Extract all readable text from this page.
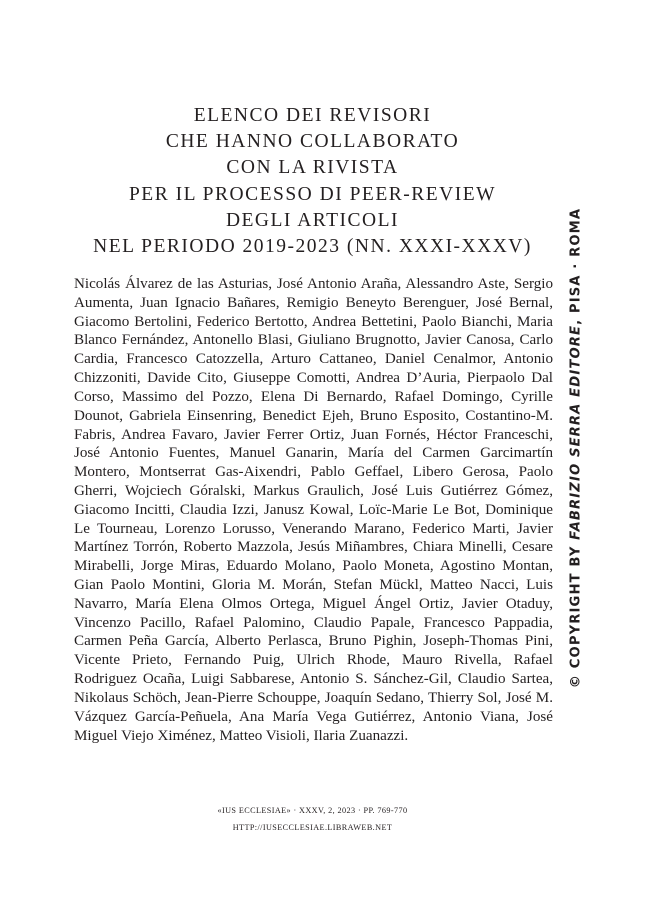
ELENCO DEI REVISORI
CHE HANNO COLLABORATO
CON LA RIVISTA
PER IL PROCESSO DI PEER-REVIEW
DEGLI ARTICOLI
NEL PERIODO 2019-2023 (NN. XXXI-XXXV)

Nicolás Álvarez de las Asturias, José Antonio Araña, Alessandro Aste, Sergio Aumenta, Juan Ignacio Bañares, Remigio Beneyto Berenguer, José Bernal, Giacomo Bertolini, Federico Bertotto, Andrea Bettetini, Paolo Bianchi, Maria Blanco Fernández, Antonello Blasi, Giuliano Brugnotto, Javier Canosa, Carlo Cardia, Francesco Catozzella, Arturo Cattaneo, Daniel Cenalmor, Antonio Chizzoniti, Davide Cito, Giuseppe Comotti, Andrea D’Auria, Pierpaolo Dal Corso, Massimo del Pozzo, Elena Di Bernardo, Rafael Domingo, Cyrille Dounot, Gabriela Einsenring, Benedict Ejeh, Bruno Esposito, Costantino-M. Fabris, Andrea Favaro, Javier Ferrer Ortiz, Juan Fornés, Héctor Franceschi, José Antonio Fuentes, Manuel Ganarin, María del Carmen Garcimartín Montero, Montserrat Gas-Aixendri, Pablo Geffael, Libero Gerosa, Paolo Gherri, Wojciech Góralski, Markus Graulich, José Luis Gutiérrez Gómez, Giacomo Incitti, Claudia Izzi, Janusz Kowal, Loïc-Marie Le Bot, Dominique Le Tourneau, Lorenzo Lorusso, Venerando Marano, Federico Marti, Javier Martínez Torrón, Roberto Mazzola, Jesús Miñambres, Chiara Minelli, Cesare Mirabelli, Jorge Miras, Eduardo Molano, Paolo Moneta, Agostino Montan, Gian Paolo Montini, Gloria M. Morán, Stefan Mückl, Matteo Nacci, Luis Navarro, María Elena Olmos Ortega, Miguel Ángel Ortiz, Javier Otaduy, Vincenzo Pacillo, Rafael Palomino, Claudio Papale, Francesco Pappadia, Carmen Peña García, Alberto Perlasca, Bruno Pighin, Joseph-Thomas Pini, Vicente Prieto, Fernando Puig, Ulrich Rhode, Mauro Rivella, Rafael Rodriguez Ocaña, Luigi Sabbarese, Antonio S. Sánchez-Gil, Claudio Sartea, Nikolaus Schöch, Jean-Pierre Schouppe, Joaquín Sedano, Thierry Sol, José M. Vázquez García-Peñuela, Ana María Vega Gutiérrez, Antonio Viana, José Miguel Viejo Ximénez, Matteo Visioli, Ilaria Zuanazzi.

«IUS ECCLESIAE» · XXXV, 2, 2023 · PP. 769-770
HTTP://IUSECCLESIAE.LIBRAWEB.NET
© COPYRIGHT BY FABRIZIO SERRA EDITORE, PISA · ROMA
